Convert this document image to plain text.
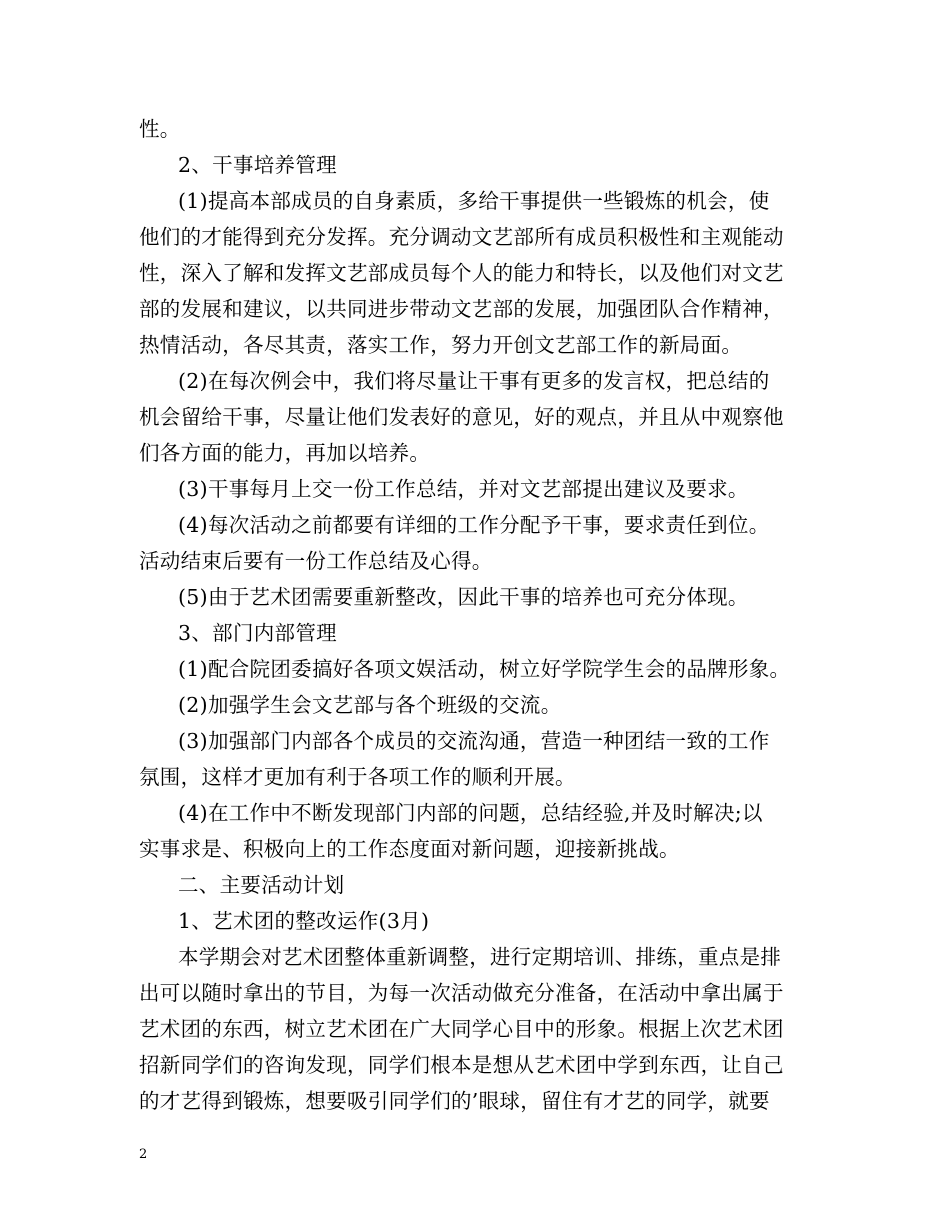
性。
2、干事培养管理
(1)提高本部成员的自身素质，多给干事提供一些锻炼的机会，使
他们的才能得到充分发挥。充分调动文艺部所有成员积极性和主观能动
性，深入了解和发挥文艺部成员每个人的能力和特长，以及他们对文艺
部的发展和建议，以共同进步带动文艺部的发展，加强团队合作精神，
热情活动，各尽其责，落实工作，努力开创文艺部工作的新局面。
(2)在每次例会中，我们将尽量让干事有更多的发言权，把总结的
机会留给干事，尽量让他们发表好的意见，好的观点，并且从中观察他
们各方面的能力，再加以培养。
(3)干事每月上交一份工作总结，并对文艺部提出建议及要求。
(4)每次活动之前都要有详细的工作分配予干事，要求责任到位。
活动结束后要有一份工作总结及心得。
(5)由于艺术团需要重新整改，因此干事的培养也可充分体现。
3、部门内部管理
(1)配合院团委搞好各项文娱活动，树立好学院学生会的品牌形象。
(2)加强学生会文艺部与各个班级的交流。
(3)加强部门内部各个成员的交流沟通，营造一种团结一致的工作
氛围，这样才更加有利于各项工作的顺利开展。
(4)在工作中不断发现部门内部的问题，总结经验,并及时解决;以
实事求是、积极向上的工作态度面对新问题，迎接新挑战。
二、主要活动计划
1、艺术团的整改运作(3月)
本学期会对艺术团整体重新调整，进行定期培训、排练，重点是排
出可以随时拿出的节目，为每一次活动做充分准备，在活动中拿出属于
艺术团的东西，树立艺术团在广大同学心目中的形象。根据上次艺术团
招新同学们的咨询发现，同学们根本是想从艺术团中学到东西，让自己
的才艺得到锻炼，想要吸引同学们的’眼球，留住有才艺的同学，就要
2
